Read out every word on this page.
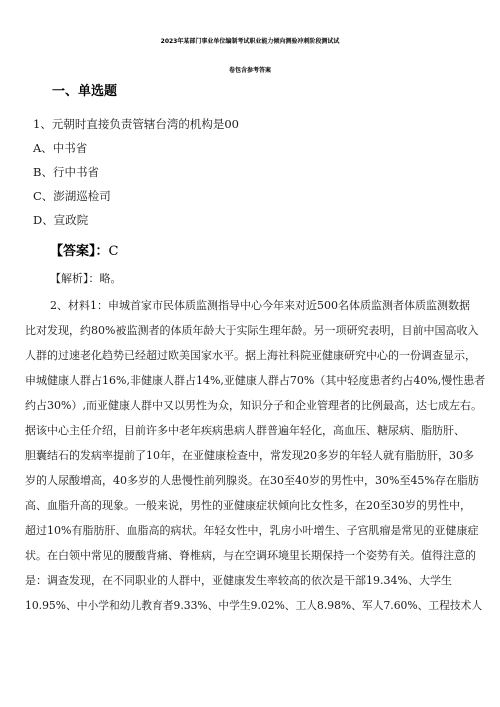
2023年某部门事业单位编制考试职业能力倾向测验冲刺阶段测试试
卷包含参考答案
一、单选题
1、元朝时直接负责管辖台湾的机构是00
A、中书省
B、行中书省
C、澎湖巡检司
D、宣政院
【答案】：C
【解析】：略。
2、材料1：申城首家市民体质监测指导中心今年来对近500名体质监测者体质监测数据
比对发现，约80%被监测者的体质年龄大于实际生理年龄。另一项研究表明，目前中国高收入
人群的过速老化趋势已经超过欧美国家水平。据上海社科院亚健康研究中心的一份调查显示，
申城健康人群占16%,非健康人群占14%,亚健康人群占70%（其中轻度患者约占40%,慢性患者
约占30%）,而亚健康人群中又以男性为众，知识分子和企业管理者的比例最高，达七成左右。
据该中心主任介绍，目前许多中老年疾病患病人群普遍年轻化，高血压、糖尿病、脂肪肝、
胆囊结石的发病率提前了10年，在亚健康检查中，常发现20多岁的年轻人就有脂肪肝，30多
岁的人尿酸增高，40多岁的人患慢性前列腺炎。在30至40岁的男性中，30%至45%存在脂肪
高、血脂升高的现象。一般来说，男性的亚健康症状倾向比女性多，在20至30岁的男性中，
超过10%有脂肪肝、血脂高的病状。年轻女性中，乳房小叶增生、子宫肌瘤是常见的亚健康症
状。在白领中常见的腰酸背痛、脊椎病，与在空调环境里长期保持一个姿势有关。值得注意的
是：调查发现，在不同职业的人群中，亚健康发生率较高的依次是干部19.34%、大学生
10.95%、中小学和幼儿教育者9.33%、中学生9.02%、工人8.98%、军人7.60%、工程技术人
